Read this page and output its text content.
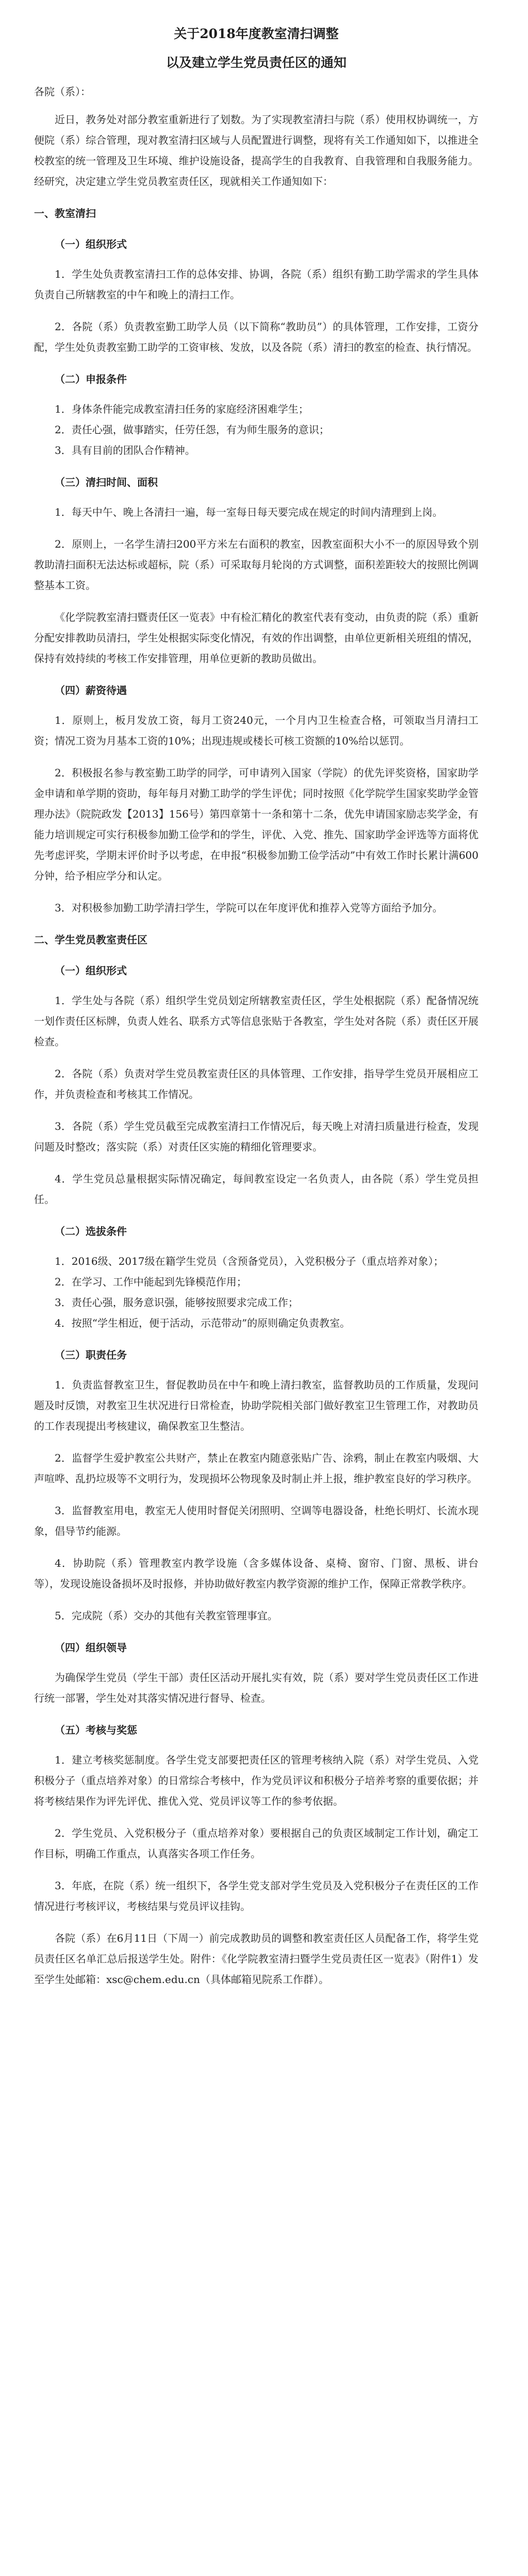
关于2018年度教室清扫调整
以及建立学生党员责任区的通知
各院（系）：
近日，教务处对部分教室重新进行了划数。为了实现教室清扫与院（系）使用权协调统一，方便院（系）综合管理，现对教室清扫区域与人员配置进行调整，现将有关工作通知如下，以推进全校教室的统一管理及卫生环境、维护设施设备，提高学生的自我教育、自我管理和自我服务能力。经研究，决定建立学生党员教室责任区，现就相关工作通知如下：
一、教室清扫
（一）组织形式
1．学生处负责教室清扫工作的总体安排、协调，各院（系）组织有勤工助学需求的学生具体负责自己所辖教室的中午和晚上的清扫工作。
2．各院（系）负责教室勤工助学人员（以下简称“教助员”）的具体管理，工作安排，工资分配，学生处负责教室勤工助学的工资审核、发放，以及各院（系）清扫的教室的检查、执行情况。
（二）申报条件
1．身体条件能完成教室清扫任务的家庭经济困难学生；
2．责任心强，做事踏实，任劳任怨，有为师生服务的意识；
3．具有目前的团队合作精神。
（三）清扫时间、面积
1．每天中午、晚上各清扫一遍，每一室每日每天要完成在规定的时间内清理到上岗。
2．原则上，一名学生清扫200平方米左右面积的教室，因教室面积大小不一的原因导致个别教助清扫面积无法达标或超标，院（系）可采取每月轮岗的方式调整，面积差距较大的按照比例调整基本工资。
《化学院教室清扫暨责任区一览表》中有检汇精化的教室代表有变动，由负责的院（系）重新分配安排教助员清扫，学生处根据实际变化情况，有效的作出调整，由单位更新相关班组的情况，保持有效持续的考核工作安排管理，用单位更新的教助员做出。
（四）薪资待遇
1．原则上，板月发放工资，每月工资240元，一个月内卫生检查合格，可领取当月清扫工资；情况工资为月基本工资的10%；出现违规或楼长可核工资额的10%给以惩罚。
2．积极报名参与教室勤工助学的同学，可申请列入国家（学院）的优先评奖资格，国家助学金申请和单学期的资助，每年每月对勤工助学的学生评优；同时按照《化学院学生国家奖助学金管理办法》（院院政发【2013】156号）第四章第十一条和第十二条，优先申请国家励志奖学金，有能力培训规定可实行积极参加勤工俭学和的学生，评优、入党、推先、国家助学金评选等方面将优先考虑评奖，学期末评价时予以考虑，在申报“积极参加勤工俭学活动”中有效工作时长累计满600分钟，给予相应学分和认定。
3．对积极参加勤工助学清扫学生，学院可以在年度评优和推荐入党等方面给予加分。
二、学生党员教室责任区
（一）组织形式
1．学生处与各院（系）组织学生党员划定所辖教室责任区，学生处根据院（系）配备情况统一划作责任区标牌，负责人姓名、联系方式等信息张贴于各教室，学生处对各院（系）责任区开展检查。
2．各院（系）负责对学生党员教室责任区的具体管理、工作安排，指导学生党员开展相应工作，并负责检查和考核其工作情况。
3．各院（系）学生党员截至完成教室清扫工作情况后，每天晚上对清扫质量进行检查，发现问题及时整改；落实院（系）对责任区实施的精细化管理要求。
4．学生党员总量根据实际情况确定，每间教室设定一名负责人，由各院（系）学生党员担任。
（二）选拔条件
1．2016级、2017级在籍学生党员（含预备党员），入党积极分子（重点培养对象）；
2．在学习、工作中能起到先锋模范作用；
3．责任心强，服务意识强，能够按照要求完成工作；
4．按照“学生相近，便于活动，示范带动”的原则确定负责教室。
（三）职责任务
1．负责监督教室卫生，督促教助员在中午和晚上清扫教室，监督教助员的工作质量，发现问题及时反馈，对教室卫生状况进行日常检查，协助学院相关部门做好教室卫生管理工作，对教助员的工作表现提出考核建议，确保教室卫生整洁。
2．监督学生爱护教室公共财产，禁止在教室内随意张贴广告、涂鸦，制止在教室内吸烟、大声喧哗、乱扔垃圾等不文明行为，发现损坏公物现象及时制止并上报，维护教室良好的学习秩序。
3．监督教室用电，教室无人使用时督促关闭照明、空调等电器设备，杜绝长明灯、长流水现象，倡导节约能源。
4．协助院（系）管理教室内教学设施（含多媒体设备、桌椅、窗帘、门窗、黑板、讲台等），发现设施设备损坏及时报修，并协助做好教室内教学资源的维护工作，保障正常教学秩序。
5．完成院（系）交办的其他有关教室管理事宜。
（四）组织领导
为确保学生党员（学生干部）责任区活动开展扎实有效，院（系）要对学生党员责任区工作进行统一部署，学生处对其落实情况进行督导、检查。
（五）考核与奖惩
1．建立考核奖惩制度。各学生党支部要把责任区的管理考核纳入院（系）对学生党员、入党积极分子（重点培养对象）的日常综合考核中，作为党员评议和积极分子培养考察的重要依据；并将考核结果作为评先评优、推优入党、党员评议等工作的参考依据。
2．学生党员、入党积极分子（重点培养对象）要根据自己的负责区域制定工作计划，确定工作目标，明确工作重点，认真落实各项工作任务。
3．年底，在院（系）统一组织下，各学生党支部对学生党员及入党积极分子在责任区的工作情况进行考核评议，考核结果与党员评议挂钩。
各院（系）在6月11日（下周一）前完成教助员的调整和教室责任区人员配备工作，将学生党员责任区名单汇总后报送学生处。附件：《化学院教室清扫暨学生党员责任区一览表》（附件1）发至学生处邮箱：xsc@chem.edu.cn（具体邮箱见院系工作群）。
